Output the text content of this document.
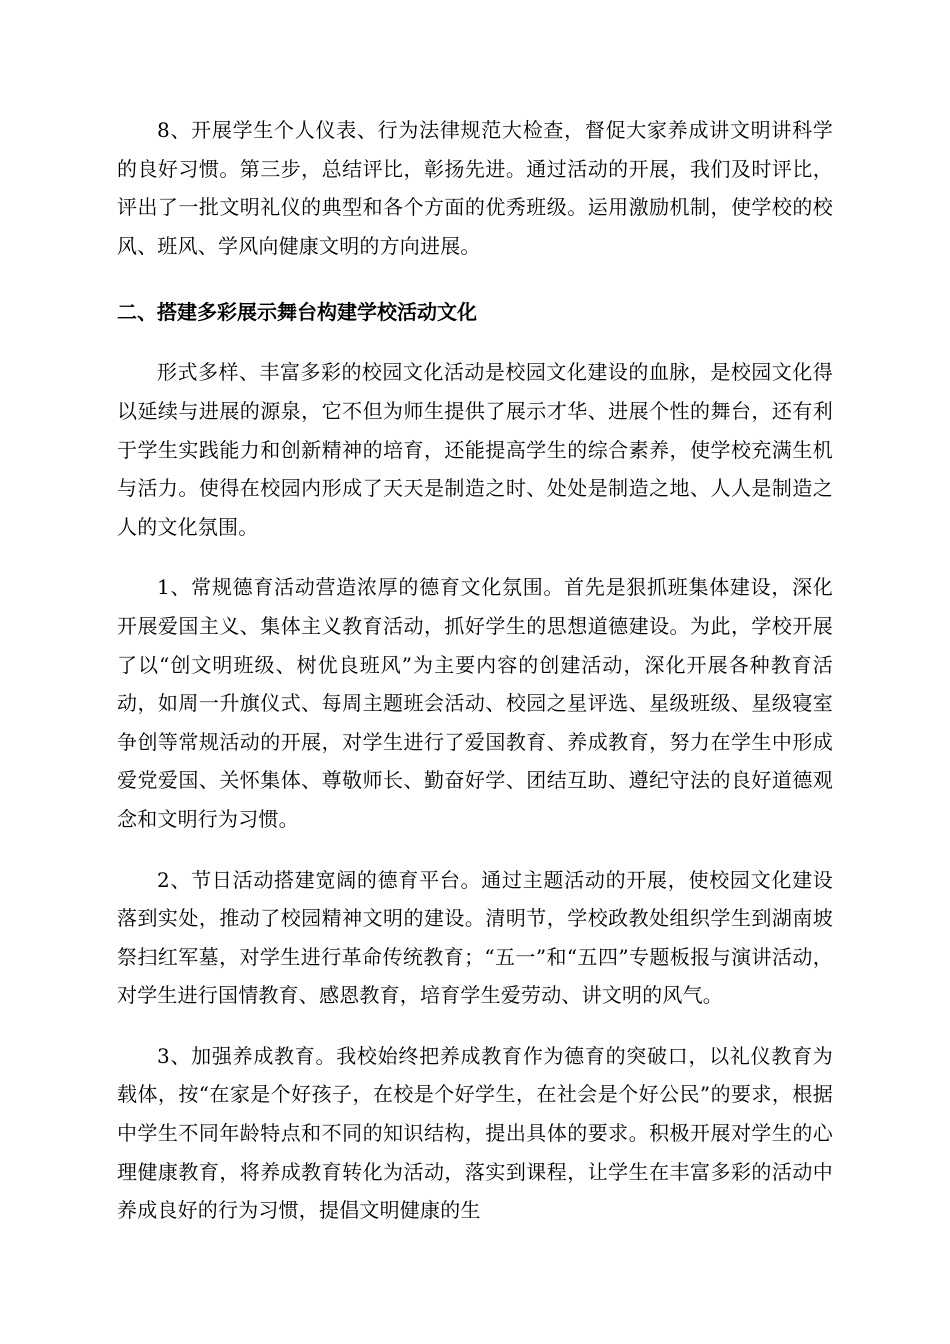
8、开展学生个人仪表、行为法律规范大检查，督促大家养成讲文明讲科学的良好习惯。第三步，总结评比，彰扬先进。通过活动的开展，我们及时评比，评出了一批文明礼仪的典型和各个方面的优秀班级。运用激励机制，使学校的校风、班风、学风向健康文明的方向进展。

二、搭建多彩展示舞台构建学校活动文化

形式多样、丰富多彩的校园文化活动是校园文化建设的血脉，是校园文化得以延续与进展的源泉，它不但为师生提供了展示才华、进展个性的舞台，还有利于学生实践能力和创新精神的培育，还能提高学生的综合素养，使学校充满生机与活力。使得在校园内形成了天天是制造之时、处处是制造之地、人人是制造之人的文化氛围。

1、常规德育活动营造浓厚的德育文化氛围。首先是狠抓班集体建设，深化开展爱国主义、集体主义教育活动，抓好学生的思想道德建设。为此，学校开展了以“创文明班级、树优良班风”为主要内容的创建活动，深化开展各种教育活动，如周一升旗仪式、每周主题班会活动、校园之星评选、星级班级、星级寝室争创等常规活动的开展，对学生进行了爱国教育、养成教育，努力在学生中形成爱党爱国、关怀集体、尊敬师长、勤奋好学、团结互助、遵纪守法的良好道德观念和文明行为习惯。

2、节日活动搭建宽阔的德育平台。通过主题活动的开展，使校园文化建设落到实处，推动了校园精神文明的建设。清明节，学校政教处组织学生到湖南坡祭扫红军墓，对学生进行革命传统教育；“五一”和“五四”专题板报与演讲活动，对学生进行国情教育、感恩教育，培育学生爱劳动、讲文明的风气。

3、加强养成教育。我校始终把养成教育作为德育的突破口，以礼仪教育为载体，按“在家是个好孩子，在校是个好学生，在社会是个好公民”的要求，根据中学生不同年龄特点和不同的知识结构，提出具体的要求。积极开展对学生的心理健康教育，将养成教育转化为活动，落实到课程，让学生在丰富多彩的活动中养成良好的行为习惯，提倡文明健康的生
